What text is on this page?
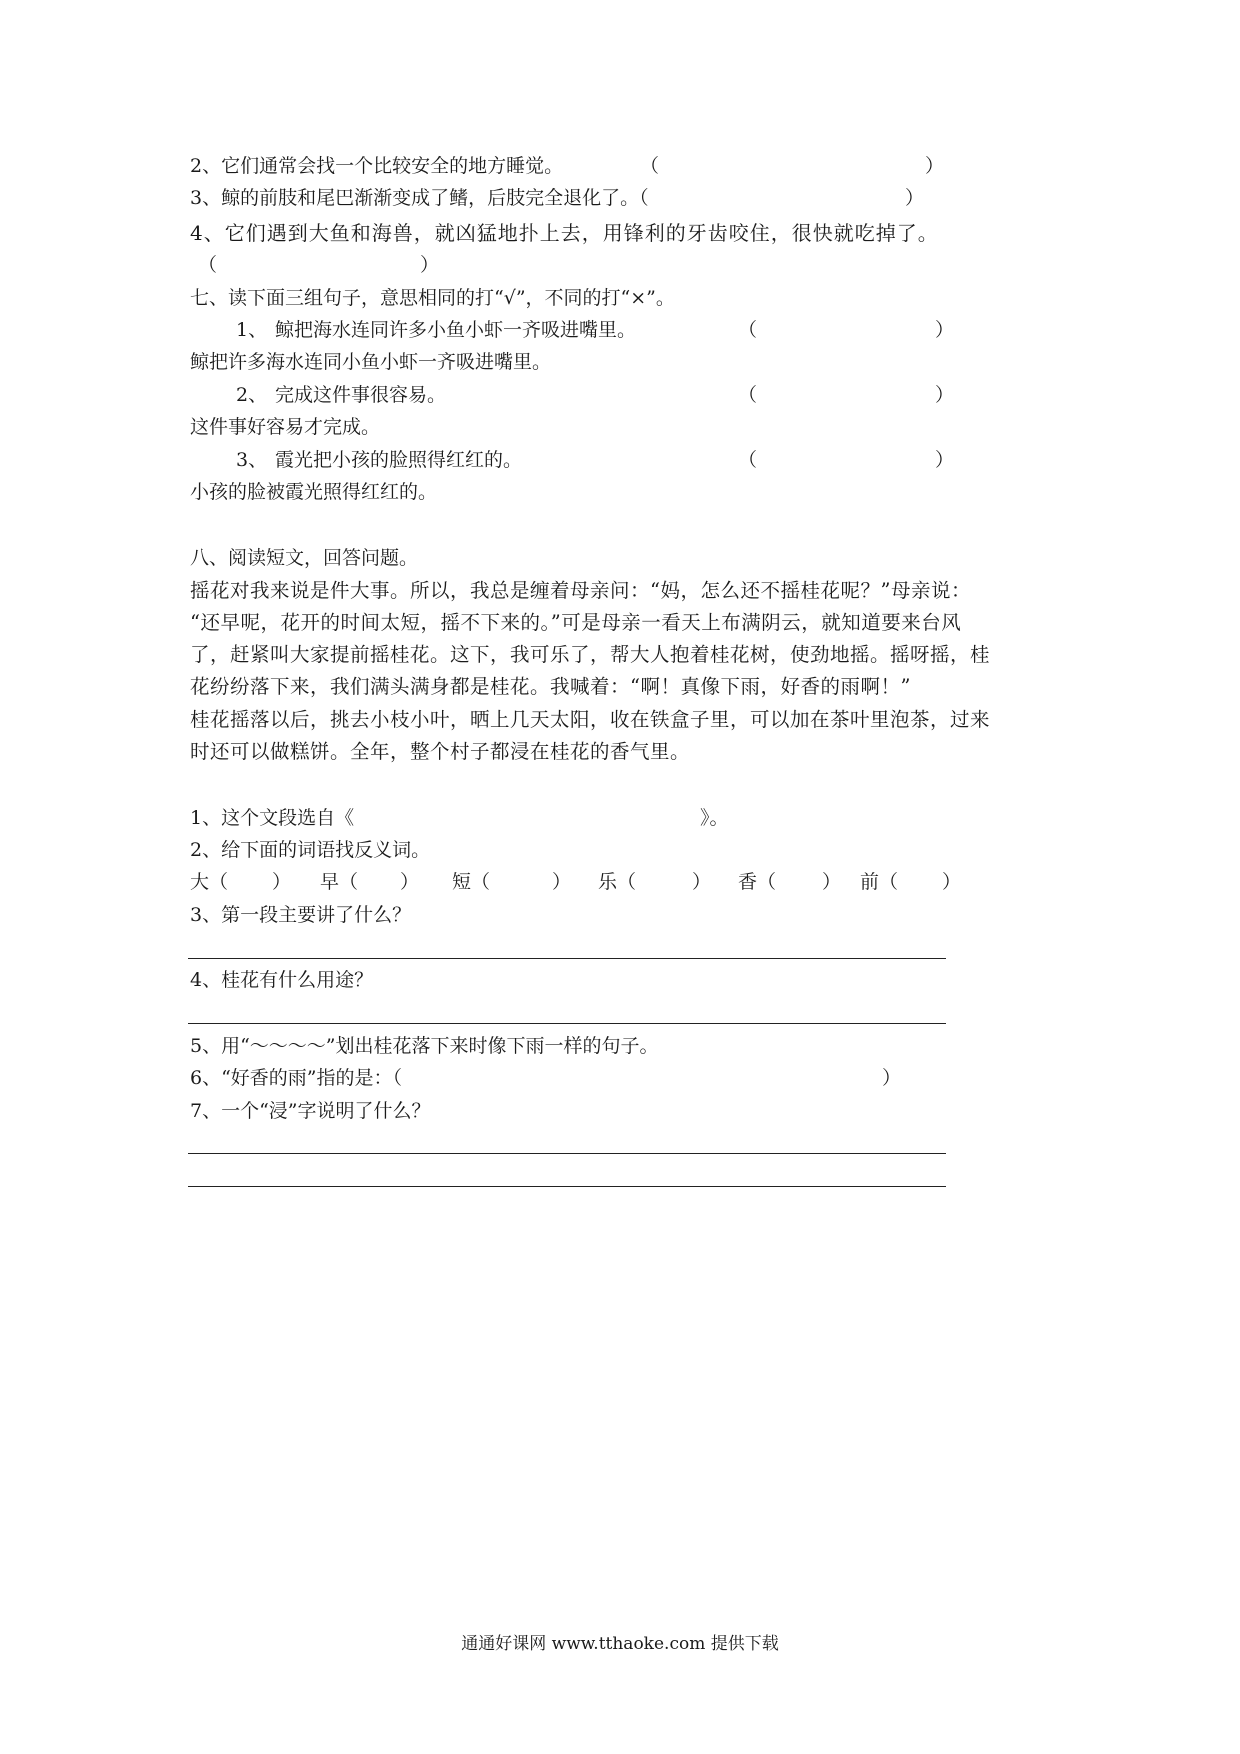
2、它们通常会找一个比较安全的地方睡觉。	（	）
3、鲸的前肢和尾巴渐渐变成了鳍，后肢完全退化了。（	）
4、它们遇到大鱼和海兽，就凶猛地扑上去，用锋利的牙齿咬住，很快就吃掉了。
（	）
七、读下面三组句子，意思相同的打“√”，不同的打“×”。
1、 鲸把海水连同许多小鱼小虾一齐吸进嘴里。	（	）
鲸把许多海水连同小鱼小虾一齐吸进嘴里。
2、 完成这件事很容易。	（	）
这件事好容易才完成。
3、 霞光把小孩的脸照得红红的。	（	）
小孩的脸被霞光照得红红的。
八、阅读短文，回答问题。
摇花对我来说是件大事。所以，我总是缠着母亲问：“妈，怎么还不摇桂花呢？”母亲说：
“还早呢，花开的时间太短，摇不下来的。”可是母亲一看天上布满阴云，就知道要来台风
了，赶紧叫大家提前摇桂花。这下，我可乐了，帮大人抱着桂花树，使劲地摇。摇呀摇，桂
花纷纷落下来，我们满头满身都是桂花。我喊着：“啊！真像下雨，好香的雨啊！”
桂花摇落以后，挑去小枝小叶，晒上几天太阳，收在铁盒子里，可以加在茶叶里泡茶，过来
时还可以做糕饼。全年，整个村子都浸在桂花的香气里。
1、这个文段选自《	》。
2、给下面的词语找反义词。
大（ ） 早（ ） 短（	） 乐（	） 香（ ） 前（ ）
3、第一段主要讲了什么？
4、桂花有什么用途？
5、用“～～～～”划出桂花落下来时像下雨一样的句子。
6、“好香的雨”指的是：（	）
7、一个“浸”字说明了什么？
通通好课网 www.tthaoke.com 提供下载
